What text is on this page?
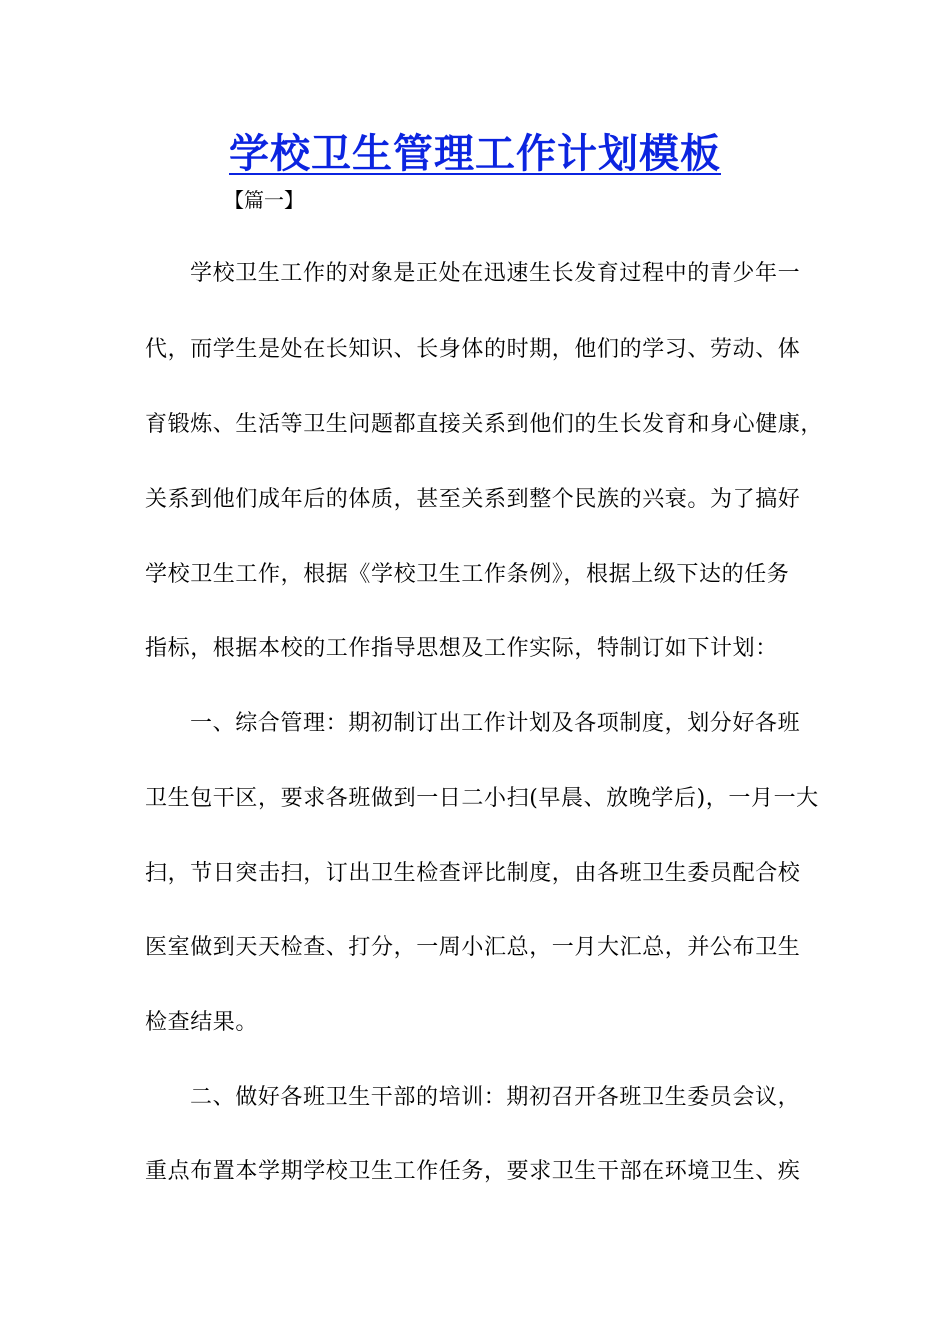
学校卫生管理工作计划模板

【篇一】

学校卫生工作的对象是正处在迅速生长发育过程中的青少年一

代，而学生是处在长知识、长身体的时期，他们的学习、劳动、体

育锻炼、生活等卫生问题都直接关系到他们的生长发育和身心健康，

关系到他们成年后的体质，甚至关系到整个民族的兴衰。为了搞好

学校卫生工作，根据《学校卫生工作条例》，根据上级下达的任务

指标，根据本校的工作指导思想及工作实际，特制订如下计划：

一、综合管理：期初制订出工作计划及各项制度，划分好各班

卫生包干区，要求各班做到一日二小扫(早晨、放晚学后)，一月一大

扫，节日突击扫，订出卫生检查评比制度，由各班卫生委员配合校

医室做到天天检查、打分，一周小汇总，一月大汇总，并公布卫生

检查结果。

二、做好各班卫生干部的培训：期初召开各班卫生委员会议，

重点布置本学期学校卫生工作任务，要求卫生干部在环境卫生、疾
